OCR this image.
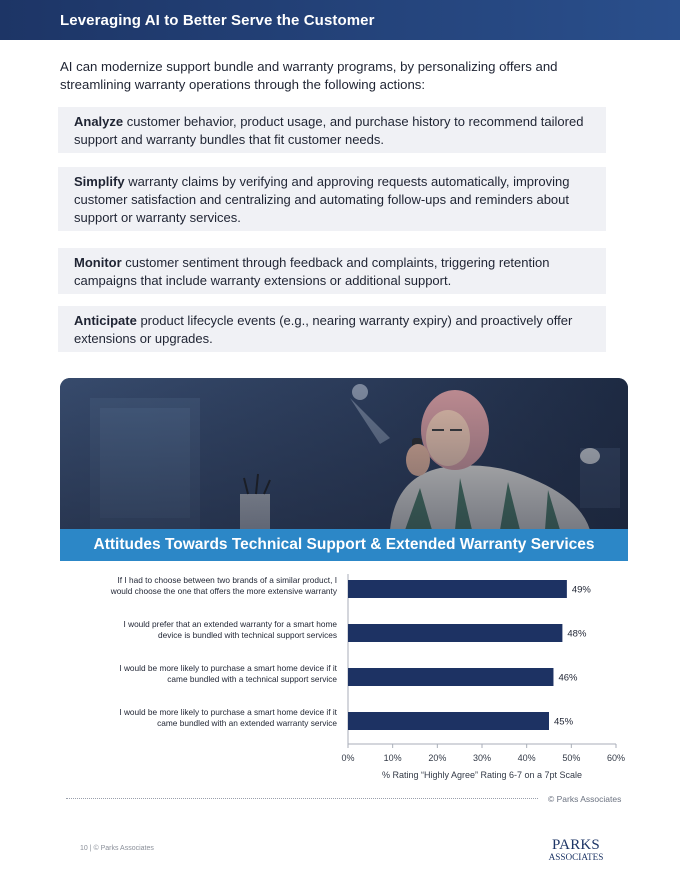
Leveraging AI to Better Serve the Customer

AI can modernize support bundle and warranty programs, by personalizing offers and streamlining warranty operations through the following actions:

Analyze customer behavior, product usage, and purchase history to recommend tailored support and warranty bundles that fit customer needs.
Simplify warranty claims by verifying and approving requests automatically, improving customer satisfaction and centralizing and automating follow-ups and reminders about support or warranty services.
Monitor customer sentiment through feedback and complaints, triggering retention campaigns that include warranty extensions or additional support.
Anticipate product lifecycle events (e.g., nearing warranty expiry) and proactively offer extensions or upgrades.
Attitudes Towards Technical Support & Extended Warranty Services
49%
48%
46%
45%
If I had to choose between two brands of a similar product, I would choose the one that offers the more extensive warranty
I would prefer that an extended warranty for a smart home device is bundled with technical support services
I would be more likely to purchase a smart home device if it came bundled with a technical support service
I would be more likely to purchase a smart home device if it came bundled with an extended warranty service
0%	10%	20%	30%	40%	50%	60%
% Rating “Highly Agree” Rating 6-7 on a 7pt Scale
© Parks Associates
10 | © Parks Associates	PARKS
ASSOCIATES
